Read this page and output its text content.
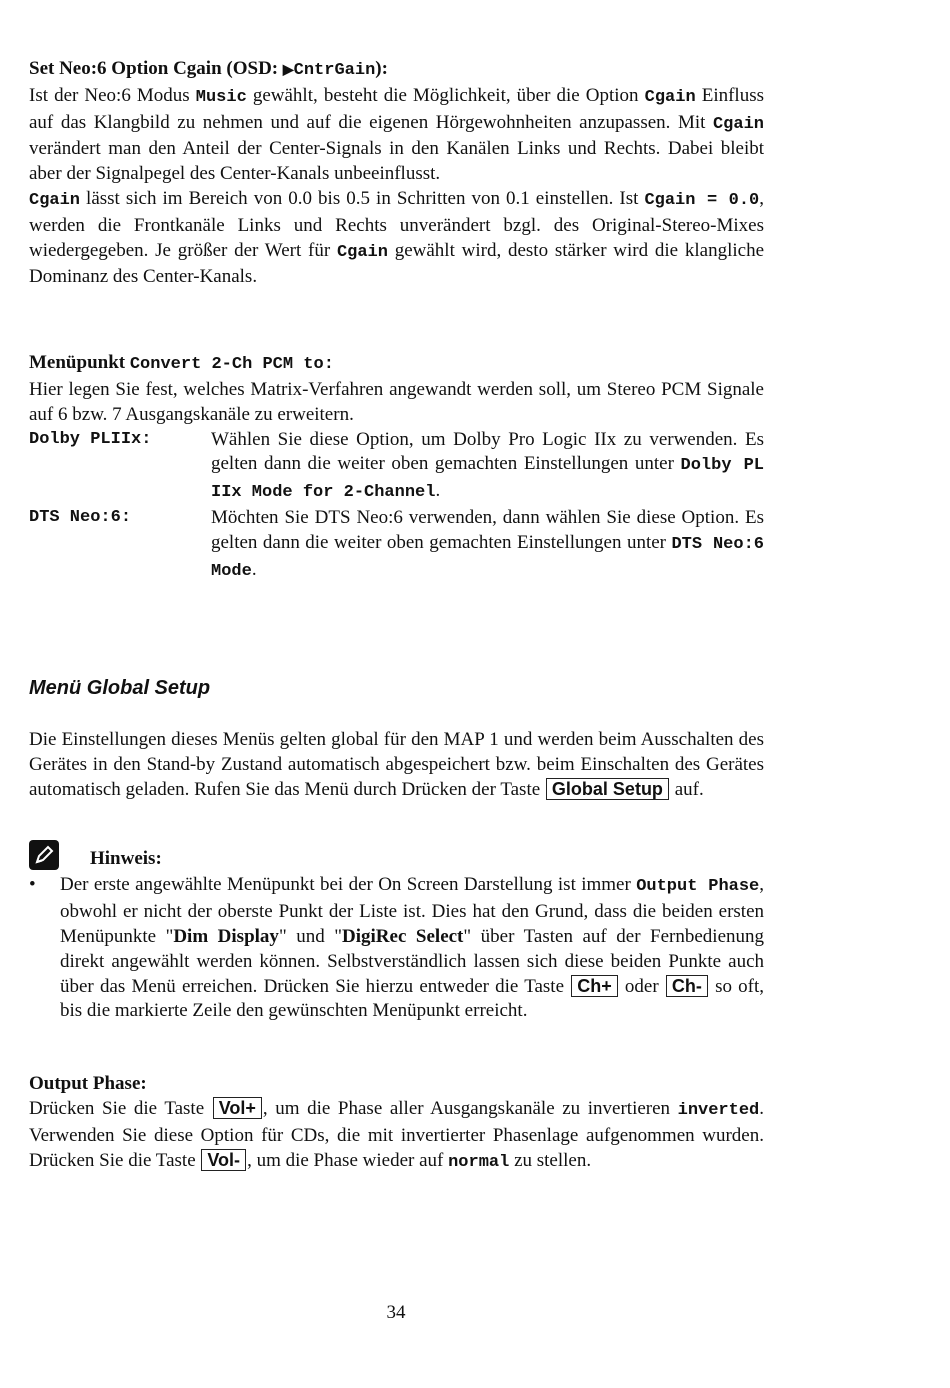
Set Neo:6 Option Cgain (OSD: ▶CntrGain):

Ist der Neo:6 Modus Music gewählt, besteht die Möglichkeit, über die Option Cgain Einfluss auf das Klangbild zu nehmen und auf die eigenen Hörgewohnheiten anzupassen. Mit Cgain verändert man den Anteil der Center-Signals in den Kanälen Links und Rechts. Dabei bleibt aber der Signalpegel des Center-Kanals unbeeinflusst.

Cgain lässt sich im Bereich von 0.0 bis 0.5 in Schritten von 0.1 einstellen. Ist Cgain = 0.0, werden die Frontkanäle Links und Rechts unverändert bzgl. des Original-Stereo-Mixes wiedergegeben. Je größer der Wert für Cgain gewählt wird, desto stärker wird die klangliche Dominanz des Center-Kanals.

Menüpunkt Convert 2-Ch PCM to:

Hier legen Sie fest, welches Matrix-Verfahren angewandt werden soll, um Stereo PCM Signale auf 6 bzw. 7 Ausgangskanäle zu erweitern.

Dolby PLIIx:	Wählen Sie diese Option, um Dolby Pro Logic IIx zu verwenden. Es gelten dann die weiter oben gemachten Einstellungen unter Dolby PL IIx Mode for 2-Channel.
DTS Neo:6:	Möchten Sie DTS Neo:6 verwenden, dann wählen Sie diese Option. Es gelten dann die weiter oben gemachten Einstellungen unter DTS Neo:6 Mode.
Menü Global Setup

Die Einstellungen dieses Menüs gelten global für den MAP 1 und werden beim Ausschalten des Gerätes in den Stand-by Zustand automatisch abgespeichert bzw. beim Einschalten des Gerätes automatisch geladen. Rufen Sie das Menü durch Drücken der Taste Global Setup auf.

Hinweis:
•	Der erste angewählte Menüpunkt bei der On Screen Darstellung ist immer Output Phase, obwohl er nicht der oberste Punkt der Liste ist. Dies hat den Grund, dass die beiden ersten Menüpunkte "Dim Display" und "DigiRec Select" über Tasten auf der Fernbedienung direkt angewählt werden können. Selbstverständlich lassen sich diese beiden Punkte auch über das Menü erreichen. Drücken Sie hierzu entweder die Taste Ch+ oder Ch- so oft, bis die markierte Zeile den gewünschten Menüpunkt erreicht.
Output Phase:

Drücken Sie die Taste Vol+ , um die Phase aller Ausgangskanäle zu invertieren inverted. Verwenden Sie diese Option für CDs, die mit invertierter Phasenlage aufgenommen wurden. Drücken Sie die Taste Vol- , um die Phase wieder auf normal zu stellen.

34
